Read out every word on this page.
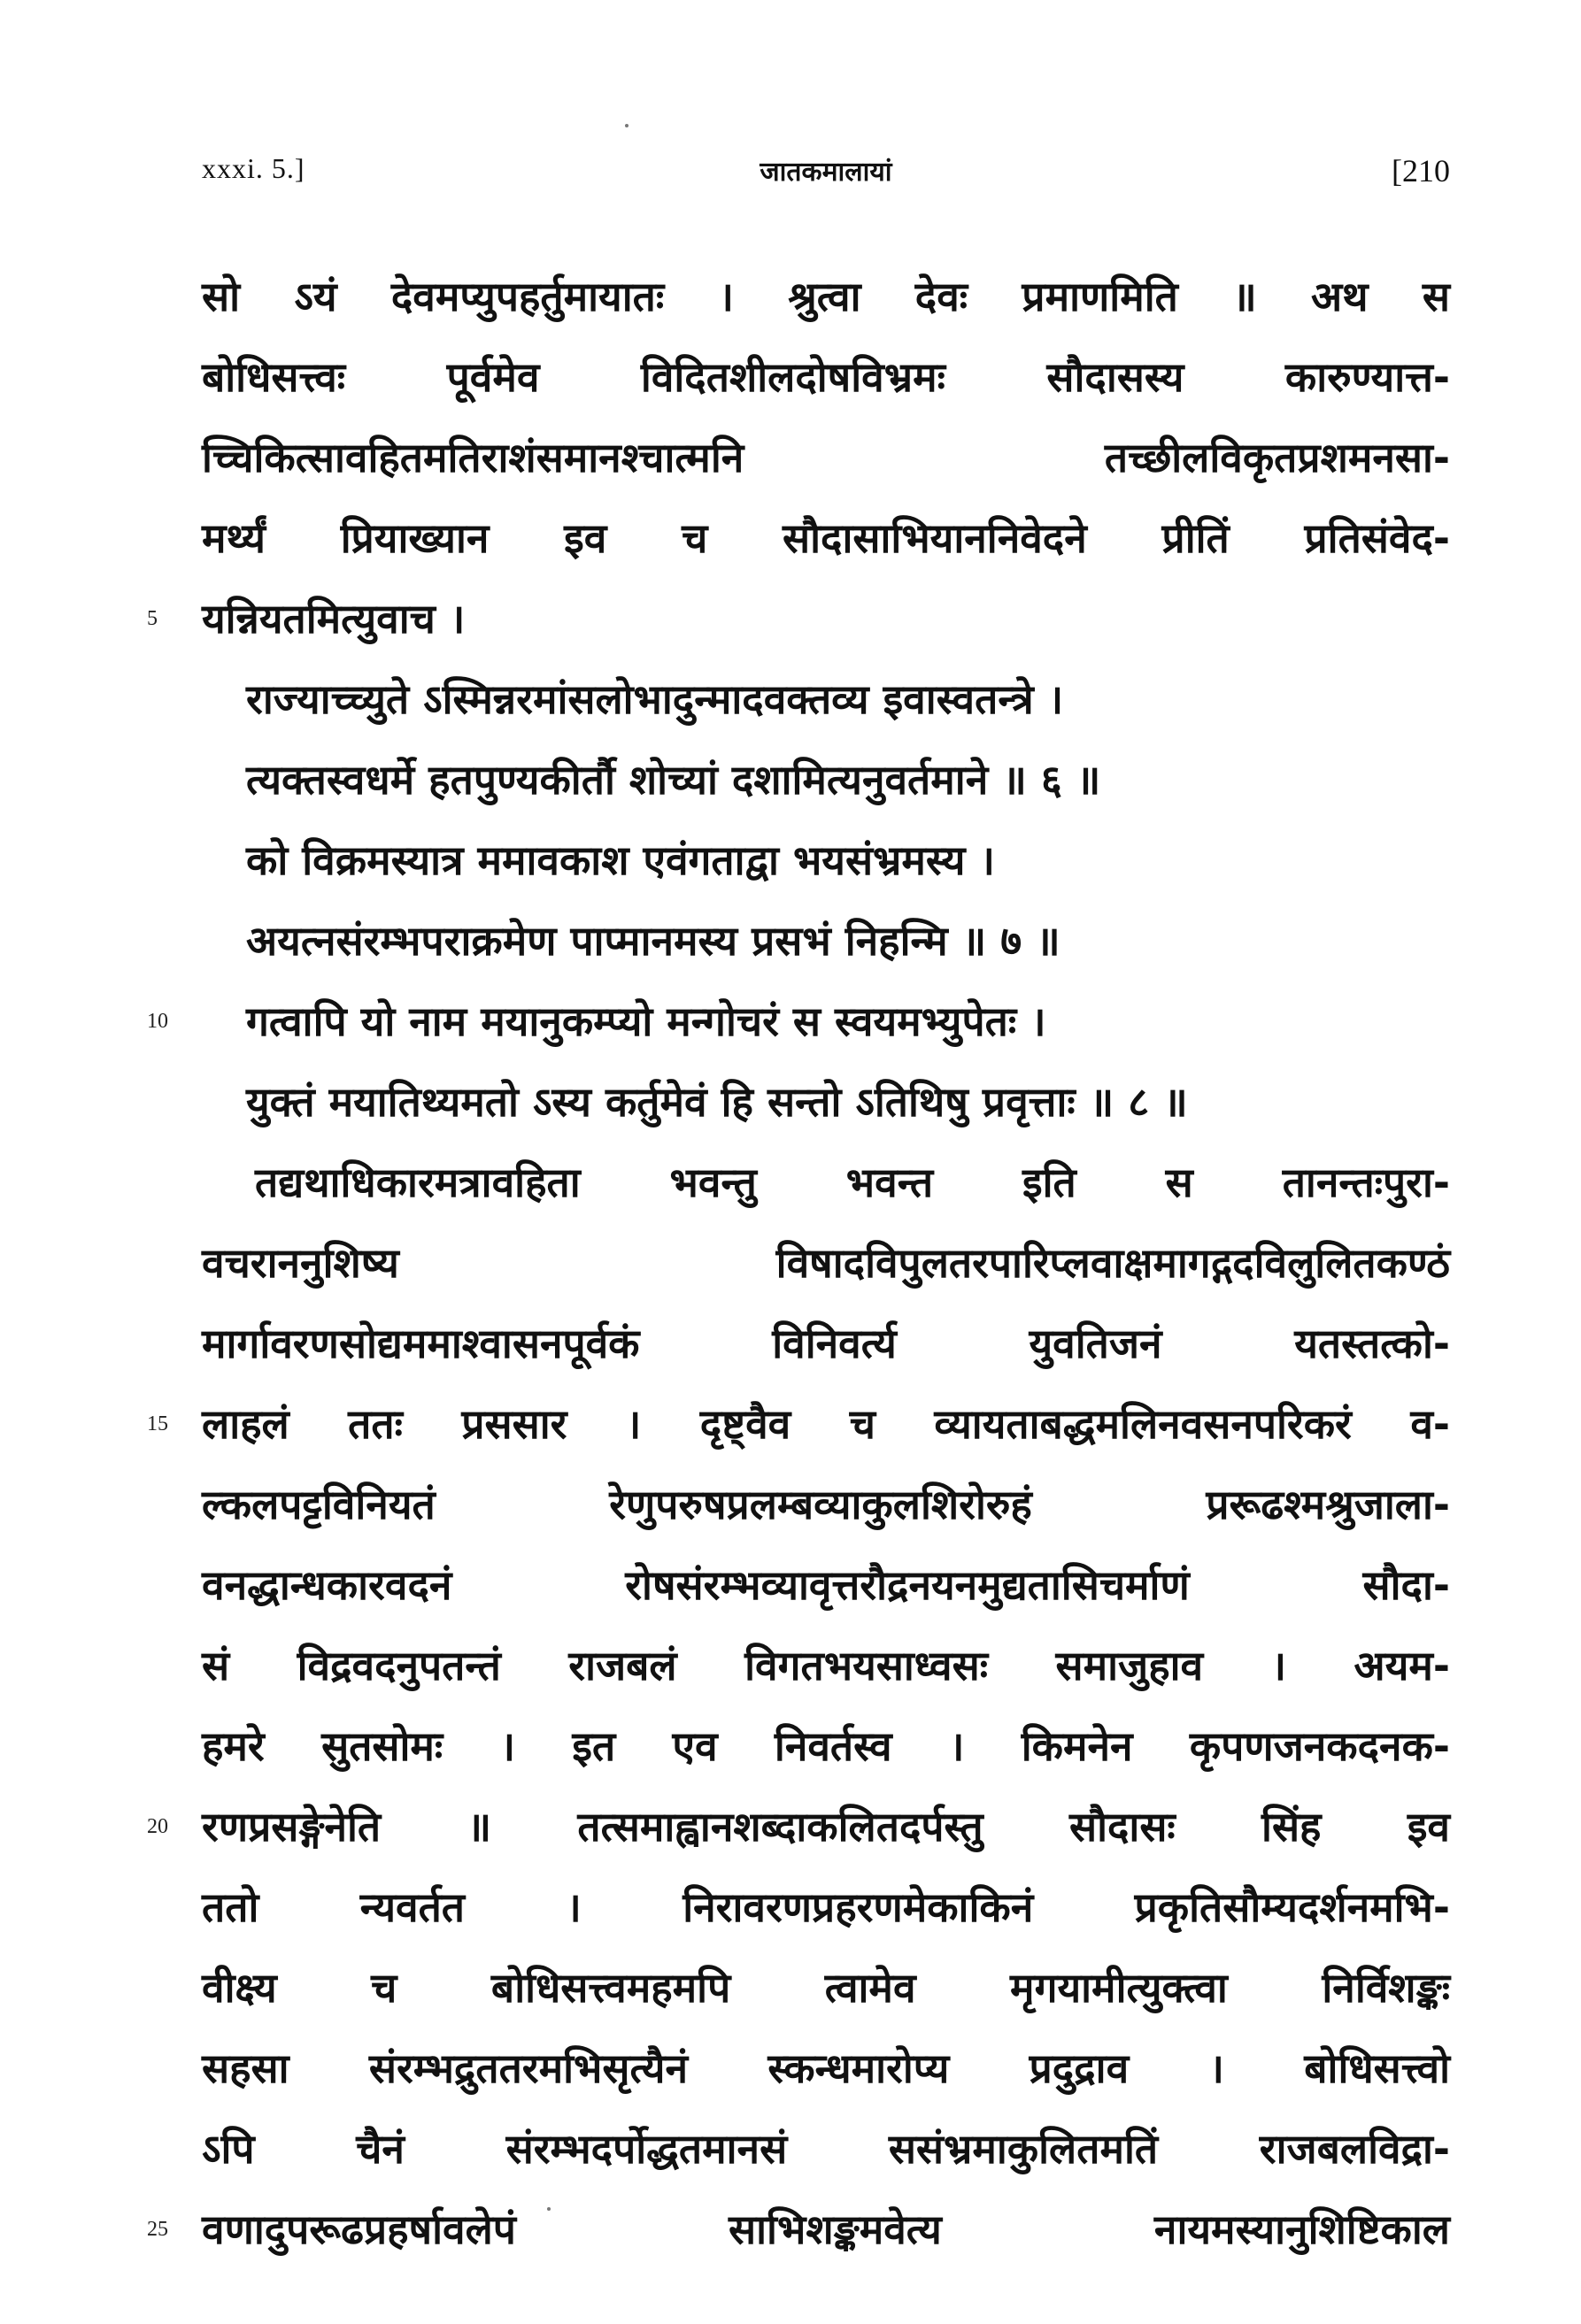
xxxi. 5.]	जातकमालायां	[210
सो ऽयं देवमप्युपहर्तुमायातः । श्रुत्वा देवः प्रमाणमिति ॥ अथ स
बोधिसत्त्वः पूर्वमेव विदितशीलदोषविभ्रमः सौदासस्य कारुण्यात्त-
च्चिकित्सावहितमतिराशंसमानश्चात्मनि तच्छीलविकृतप्रशमनसा-
मर्थ्यं प्रियाख्यान इव च सौदासाभियाननिवेदने प्रीतिं प्रतिसंवेद-
5 यन्नियतमित्युवाच ।
राज्याच्च्युते ऽस्मिन्नरमांसलोभादुन्मादवक्तव्य इवास्वतन्त्रे ।
त्यक्तस्वधर्मे हतपुण्यकीर्तौ शोच्यां दशामित्यनुवर्तमाने ॥ ६ ॥
को विक्रमस्यात्र ममावकाश एवंगताद्वा भयसंभ्रमस्य ।
अयत्नसंरम्भपराक्रमेण पाप्मानमस्य प्रसभं निहन्मि ॥ ७ ॥
10 गत्वापि यो नाम मयानुकम्प्यो मन्गोचरं स स्वयमभ्युपेतः ।
युक्तं मयातिथ्यमतो ऽस्य कर्तुमेवं हि सन्तो ऽतिथिषु प्रवृत्ताः ॥ ८ ॥
तद्यथाधिकारमत्रावहिता भवन्तु भवन्त इति स तानन्तःपुरा-
वचराननुशिष्य विषादविपुलतरपारिप्लवाक्षमागद्गदविलुलितकण्ठं
मार्गावरणसोद्यममाश्वासनपूर्वकं विनिवर्त्य युवतिजनं यतस्तत्को-
15 लाहलं ततः प्रससार । दृष्ट्वैव च व्यायताबद्धमलिनवसनपरिकरं व-
ल्कलपट्टविनियतं रेणुपरुषप्रलम्बव्याकुलशिरोरुहं प्ररूढश्मश्रुजाला-
वनद्धान्धकारवदनं रोषसंरम्भव्यावृत्तरौद्रनयनमुद्यतासिचर्माणं सौदा-
सं विद्रवदनुपतन्तं राजबलं विगतभयसाध्वसः समाजुहाव । अयम-
हमरे सुतसोमः । इत एव निवर्तस्व । किमनेन कृपणजनकदनक-
20 रणप्रसङ्गेनेति ॥ तत्समाह्वानशब्दाकलितदर्पस्तु सौदासः सिंह इव
ततो न्यवर्तत । निरावरणप्रहरणमेकाकिनं प्रकृतिसौम्यदर्शनमभि-
वीक्ष्य च बोधिसत्त्वमहमपि त्वामेव मृगयामीत्युक्त्वा निर्विशङ्कः
सहसा संरम्भद्रुततरमभिसृत्यैनं स्कन्धमारोप्य प्रदुद्राव । बोधिसत्त्वो
ऽपि चैनं संरम्भदर्पोद्धतमानसं ससंभ्रमाकुलितमतिं राजबलविद्रा-
25 वणादुपरूढप्रहर्षावलेपं साभिशङ्कमवेत्य नायमस्यानुशिष्टिकाल
